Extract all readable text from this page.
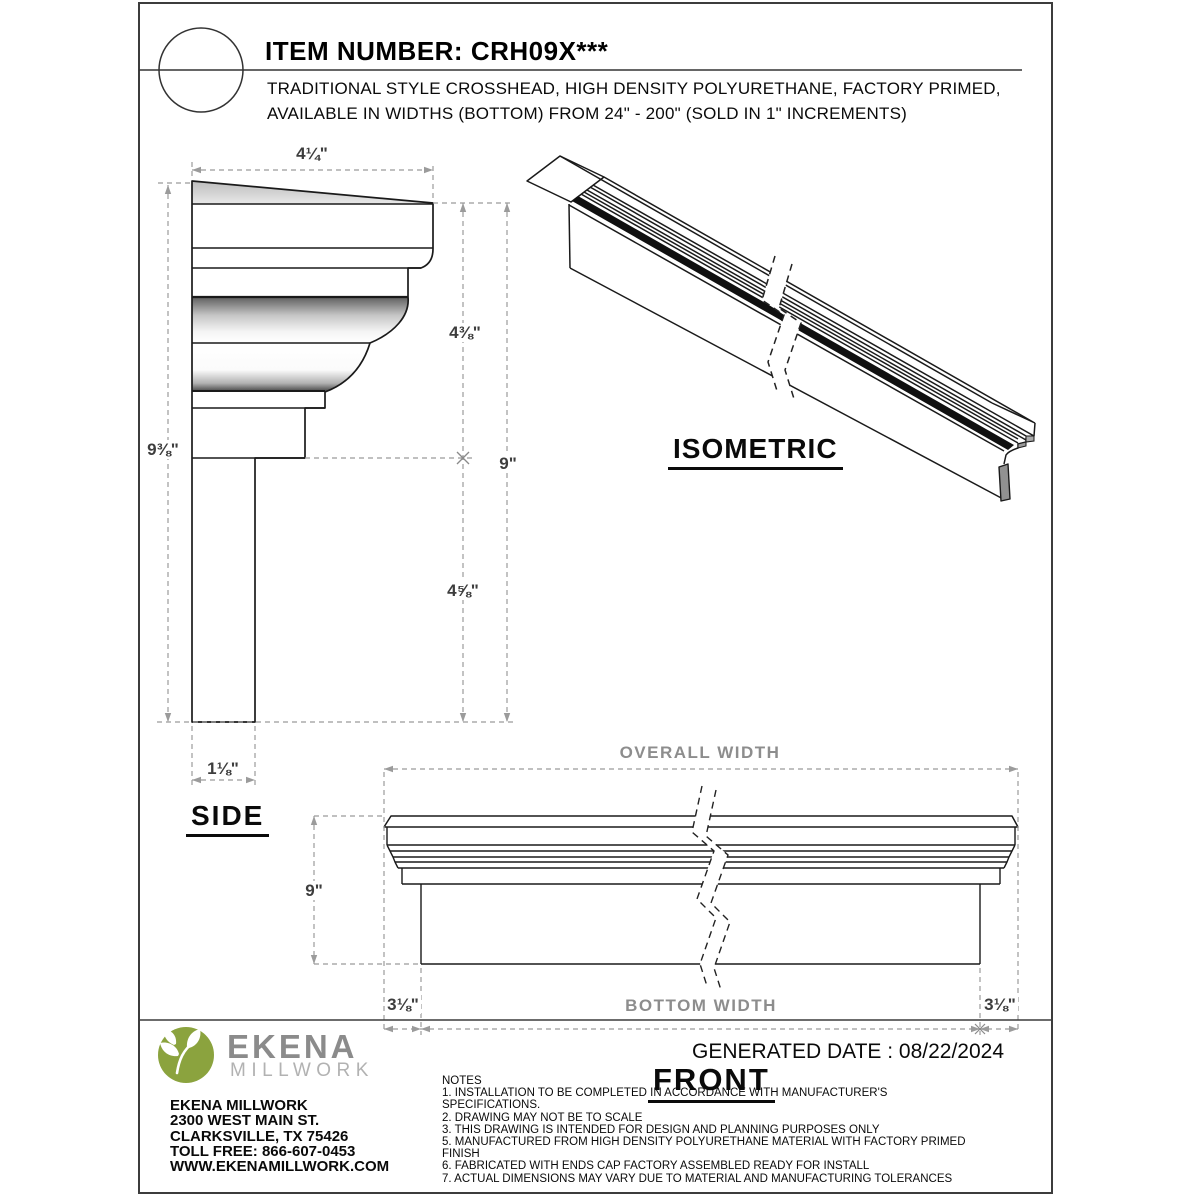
ITEM NUMBER: CRH09X***
TRADITIONAL STYLE CROSSHEAD, HIGH DENSITY POLYURETHANE, FACTORY PRIMED,
AVAILABLE IN WIDTHS (BOTTOM) FROM 24" - 200" (SOLD IN 1" INCREMENTS)
4¼"
9⅜"
4⅜"
9"
4⅝"
1⅛"
OVERALL WIDTH
BOTTOM WIDTH
9"
3⅛"	3⅛"
SIDE
ISOMETRIC
FRONT
EKENA
MILLWORK
EKENA MILLWORK
2300 WEST MAIN ST.
CLARKSVILLE, TX 75426
TOLL FREE: 866-607-0453
WWW.EKENAMILLWORK.COM
GENERATED DATE : 08/22/2024
NOTES
1. INSTALLATION TO BE COMPLETED IN ACCORDANCE WITH MANUFACTURER'S
SPECIFICATIONS.
2. DRAWING MAY NOT BE TO SCALE
3. THIS DRAWING IS INTENDED FOR DESIGN AND PLANNING PURPOSES ONLY
5. MANUFACTURED FROM HIGH DENSITY POLYURETHANE MATERIAL WITH FACTORY PRIMED
FINISH
6. FABRICATED WITH ENDS CAP FACTORY ASSEMBLED READY FOR INSTALL
7. ACTUAL DIMENSIONS MAY VARY DUE TO MATERIAL AND MANUFACTURING TOLERANCES
